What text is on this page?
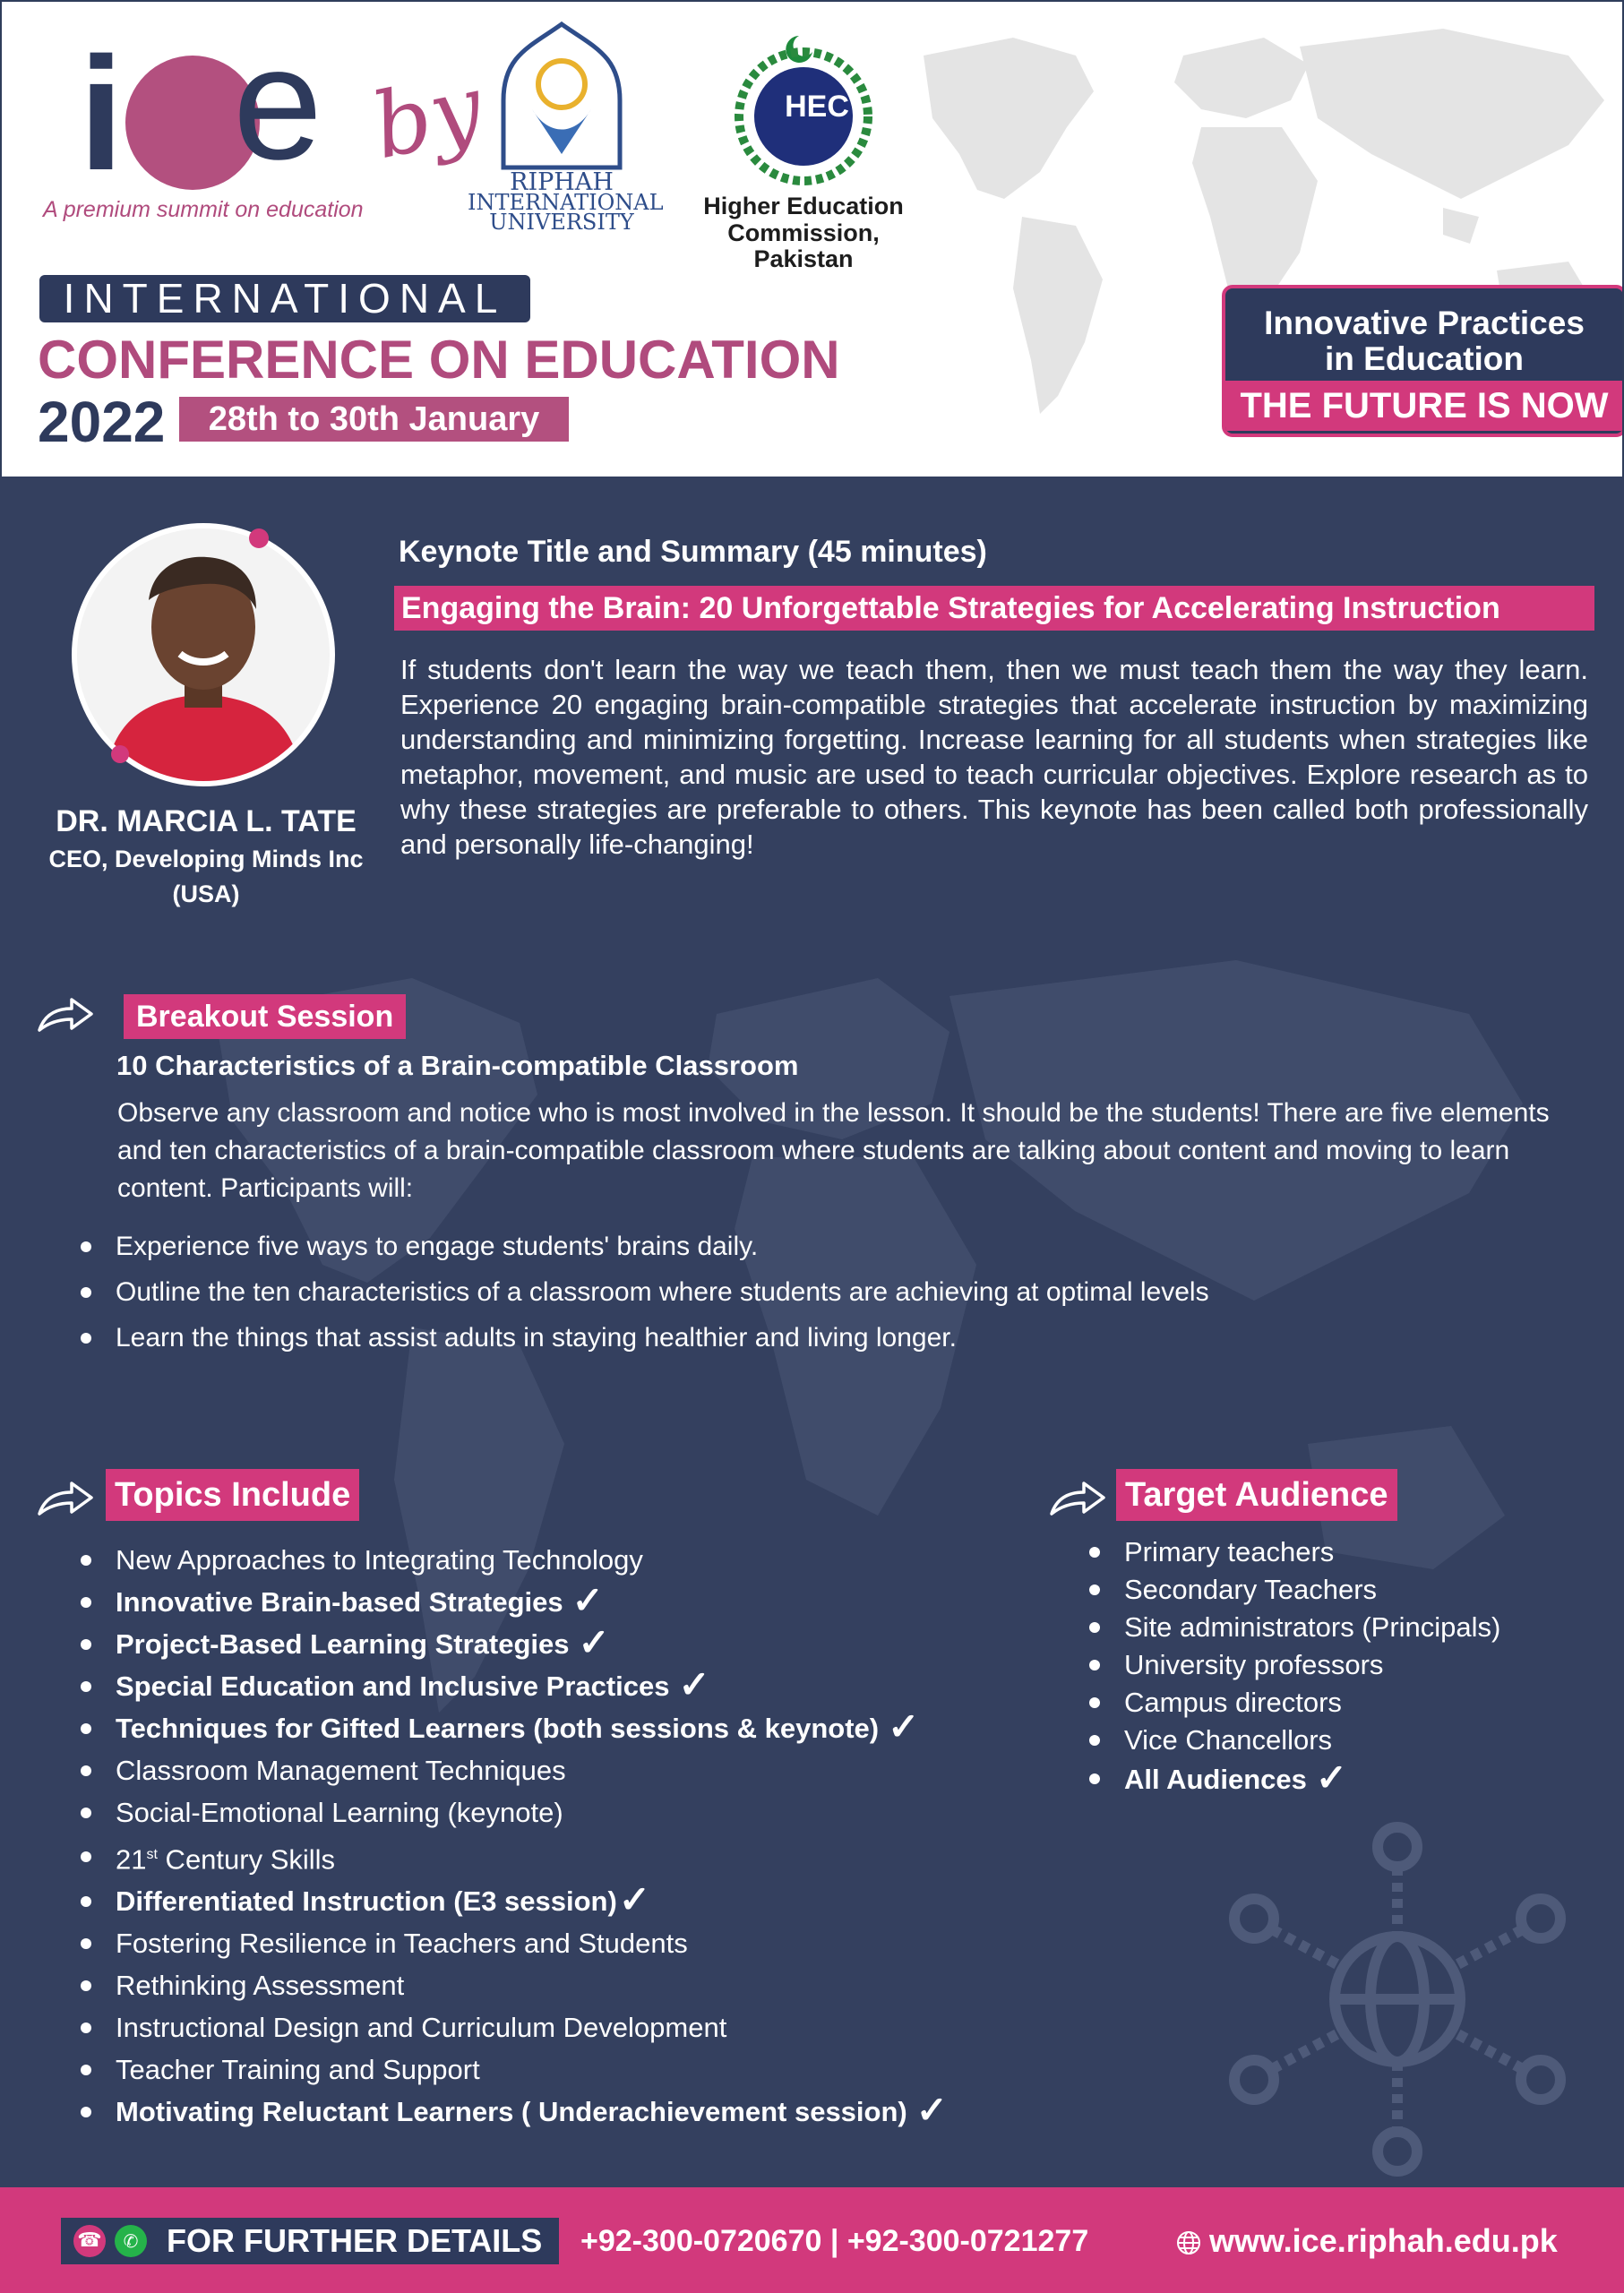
i e
A premium summit on education
by
RIPHAH
INTERNATIONAL
UNIVERSITY
HEC
Higher Education
Commission, Pakistan
INTERNATIONAL
CONFERENCE ON EDUCATION
2022	28th to 30th January
Innovative Practices
in Education
THE FUTURE IS NOW
DR. MARCIA L. TATE
CEO, Developing Minds Inc
(USA)
Keynote Title and Summary (45 minutes)
Engaging the Brain: 20 Unforgettable Strategies for Accelerating Instruction
If students don't learn the way we teach them, then we must teach them the way they learn. Experience 20 engaging brain-compatible strategies that accelerate instruction by maximizing understanding and minimizing forgetting. Increase learning for all students when strategies like metaphor, movement, and music are used to teach curricular objectives. Explore research as to why these strategies are preferable to others. This keynote has been called both professionally and personally life-changing!
Breakout Session
10 Characteristics of a Brain-compatible Classroom
Observe any classroom and notice who is most involved in the lesson. It should be the students! There are five elements and ten characteristics of a brain-compatible classroom where students are talking about content and moving to learn content. Participants will:
Experience five ways to engage students' brains daily.
Outline the ten characteristics of a classroom where students are achieving at optimal levels
Learn the things that assist adults in staying healthier and living longer.
Topics Include
New Approaches to Integrating Technology
Innovative Brain-based Strategies ✓
Project-Based Learning Strategies ✓
Special Education and Inclusive Practices ✓
Techniques for Gifted Learners (both sessions & keynote) ✓
Classroom Management Techniques
Social-Emotional Learning (keynote)
21st Century Skills
Differentiated Instruction (E3 session)✓
Fostering Resilience in Teachers and Students
Rethinking Assessment
Instructional Design and Curriculum Development
Teacher Training and Support
Motivating Reluctant Learners ( Underachievement session) ✓
Target Audience
Primary teachers
Secondary Teachers
Site administrators (Principals)
University professors
Campus directors
Vice Chancellors
All Audiences ✓
☎	✆ FOR FURTHER DETAILS +92-300-0720670 | +92-300-0721277	www.ice.riphah.edu.pk
